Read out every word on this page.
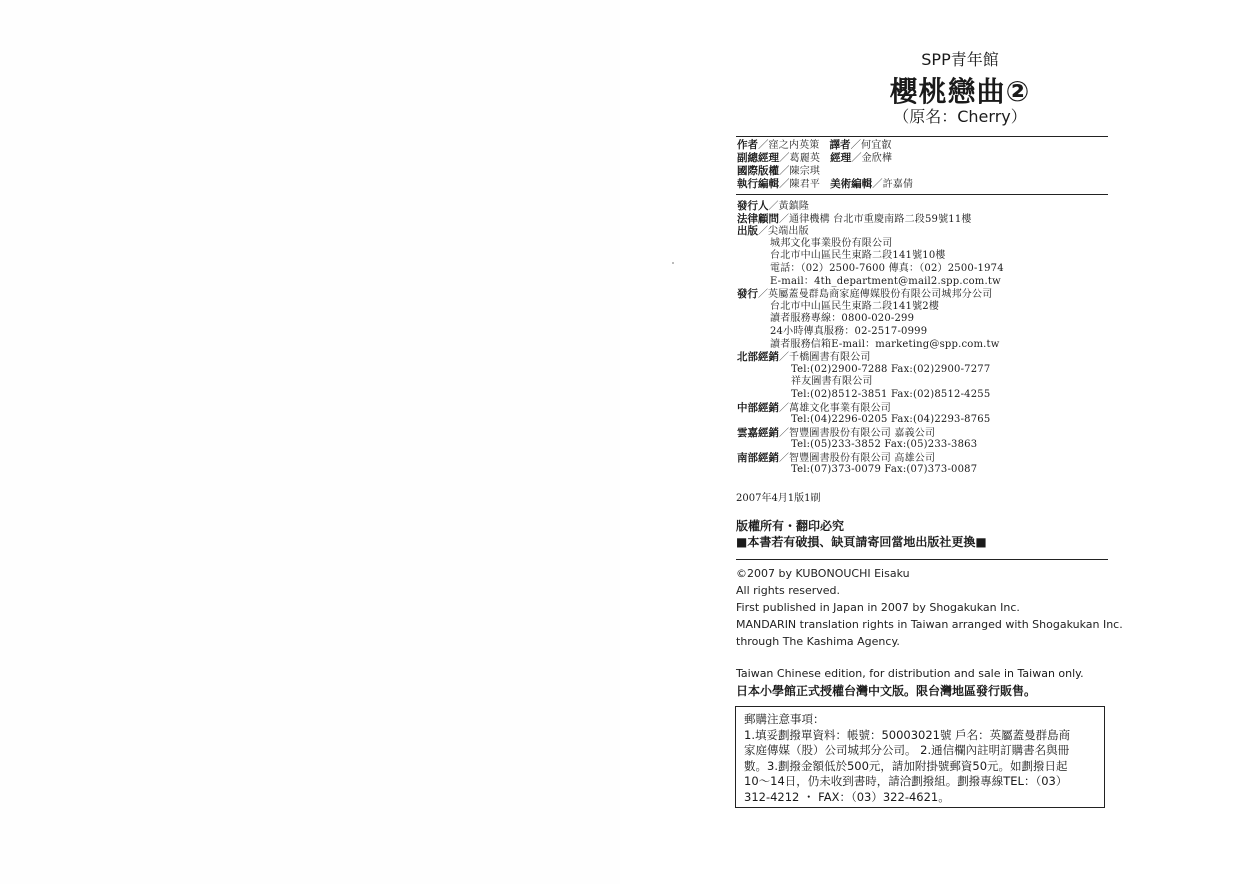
SPP青年館
櫻桃戀曲②
（原名：Cherry）
作者／窪之内英策 譯者／何宜叡
副總經理／葛麗英 經理／金欣樺
國際版權／陳宗琪
執行編輯／陳君平 美術編輯／許嘉倩
發行人／黃鎮隆
法律顧問／通律機構 台北市重慶南路二段59號11樓
出版／尖端出版
城邦文化事業股份有限公司
台北市中山區民生東路二段141號10樓
電話：（02）2500-7600 傳真：（02）2500-1974
E-mail：4th_department@mail2.spp.com.tw
發行／英屬蓋曼群島商家庭傳媒股份有限公司城邦分公司
台北市中山區民生東路二段141號2樓
讀者服務專線：0800-020-299
24小時傳真服務：02-2517-0999
讀者服務信箱E-mail：marketing@spp.com.tw
北部經銷／千橋圖書有限公司
Tel:(02)2900-7288 Fax:(02)2900-7277
祥友圖書有限公司
Tel:(02)8512-3851 Fax:(02)8512-4255
中部經銷／萬雄文化事業有限公司
Tel:(04)2296-0205 Fax:(04)2293-8765
雲嘉經銷／智豐圖書股份有限公司 嘉義公司
Tel:(05)233-3852 Fax:(05)233-3863
南部經銷／智豐圖書股份有限公司 高雄公司
Tel:(07)373-0079 Fax:(07)373-0087
2007年4月1版1刷
版權所有・翻印必究
■本書若有破損、缺頁請寄回當地出版社更換■
©2007 by KUBONOUCHI Eisaku
All rights reserved.
First published in Japan in 2007 by Shogakukan Inc.
MANDARIN translation rights in Taiwan arranged with Shogakukan Inc.
through The Kashima Agency.
Taiwan Chinese edition, for distribution and sale in Taiwan only.
日本小學館正式授權台灣中文版。限台灣地區發行販售。
郵購注意事項：
1.填妥劃撥單資料：帳號：50003021號 戶名：英屬蓋曼群島商
家庭傳媒（股）公司城邦分公司。 2.通信欄內註明訂購書名與冊
數。3.劃撥金額低於500元，請加附掛號郵資50元。如劃撥日起
10～14日，仍未收到書時，請洽劃撥組。劃撥專線TEL：（03）
312-4212 ・ FAX：（03）322-4621。
